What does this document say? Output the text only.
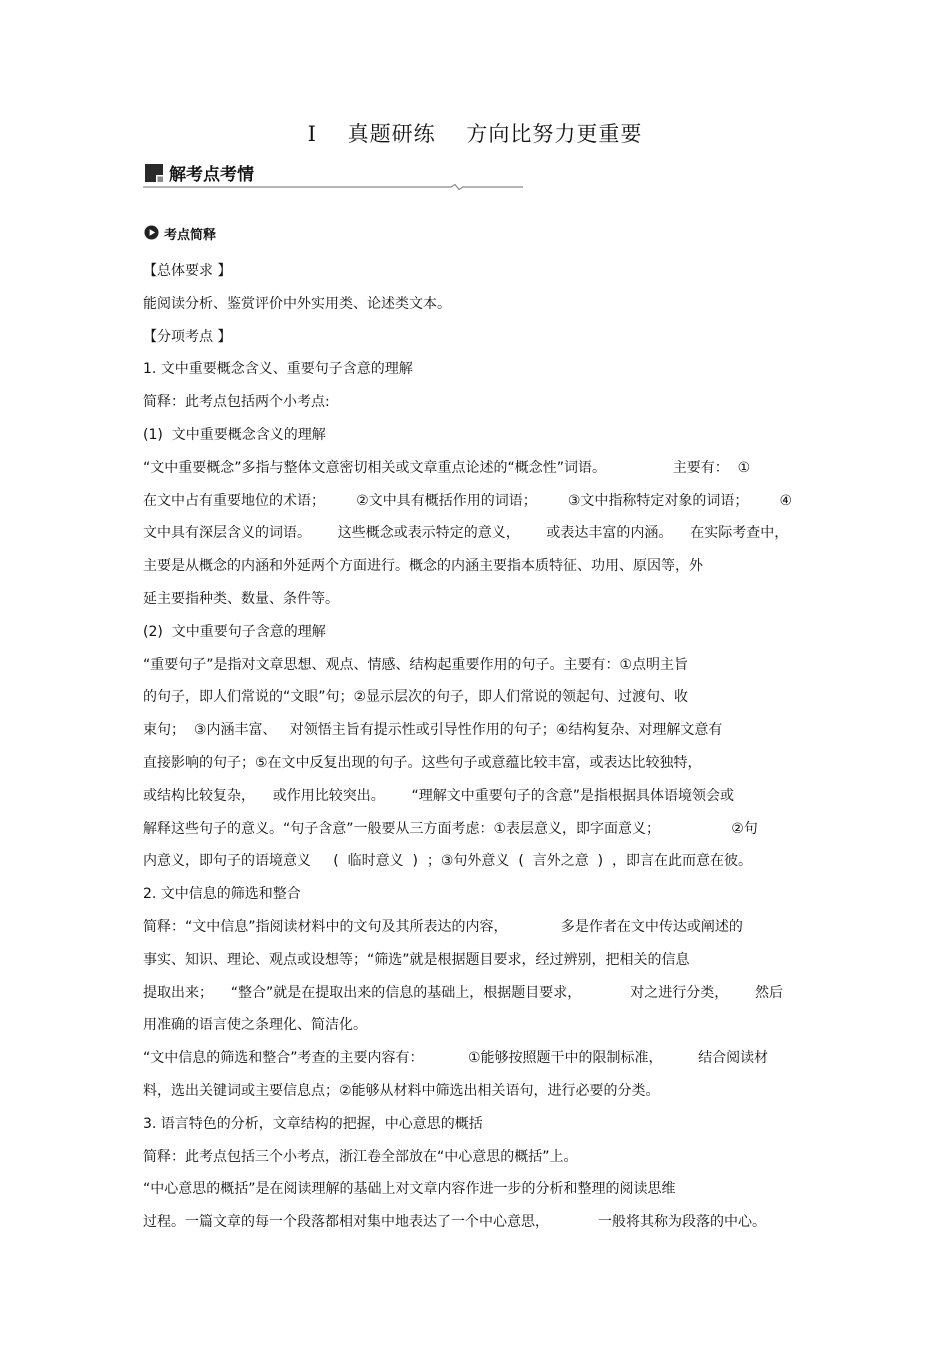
Ⅰ    真题研练    方向比努力更重要
解考点考情
考点简释
【总体要求 】
能阅读分析、鉴赏评价中外实用类、论述类文本。
【分项考点 】
1. 文中重要概念含义、重要句子含意的理解
简释：此考点包括两个小考点:
(1)  文中重要概念含义的理解
“文中重要概念”多指与整体文意密切相关或文章重点论述的“概念性”词语。               主要有：  ①
在文中占有重要地位的术语；       ②文中具有概括作用的词语；       ③文中指称特定对象的词语；       ④
文中具有深层含义的词语。      这些概念或表示特定的意义，      或表达丰富的内涵。    在实际考查中，
主要是从概念的内涵和外延两个方面进行。概念的内涵主要指本质特征、功用、原因等，外
延主要指种类、数量、条件等。
(2)  文中重要句子含意的理解
“重要句子”是指对文章思想、观点、情感、结构起重要作用的句子。主要有：①点明主旨
的句子，即人们常说的“文眼”句；②显示层次的句子，即人们常说的领起句、过渡句、收
束句；  ③内涵丰富、   对领悟主旨有提示性或引导性作用的句子；④结构复杂、对理解文意有
直接影响的句子；⑤在文中反复出现的句子。这些句子或意蕴比较丰富，或表达比较独特，
或结构比较复杂，    或作用比较突出。      “理解文中重要句子的含意”是指根据具体语境领会或
解释这些句子的意义。“句子含意”一般要从三方面考虑：①表层意义，即字面意义；                ②句
内意义，即句子的语境意义     (  临时意义  )  ；③句外意义  (  言外之意  )  ，即言在此而意在彼。
2. 文中信息的筛选和整合
简释：“文中信息”指阅读材料中的文句及其所表达的内容，            多是作者在文中传达或阐述的
事实、知识、理论、观点或设想等；“筛选”就是根据题目要求，经过辨别，把相关的信息
提取出来；    “整合”就是在提取出来的信息的基础上，根据题目要求，           对之进行分类，      然后
用准确的语言使之条理化、简洁化。
“文中信息的筛选和整合”考查的主要内容有：          ①能够按照题干中的限制标准，        结合阅读材
料，选出关键词或主要信息点；②能够从材料中筛选出相关语句，进行必要的分类。
3. 语言特色的分析，文章结构的把握，中心意思的概括
简释：此考点包括三个小考点，浙江卷全部放在“中心意思的概括”上。
“中心意思的概括”是在阅读理解的基础上对文章内容作进一步的分析和整理的阅读思维
过程。一篇文章的每一个段落都相对集中地表达了一个中心意思，           一般将其称为段落的中心。
